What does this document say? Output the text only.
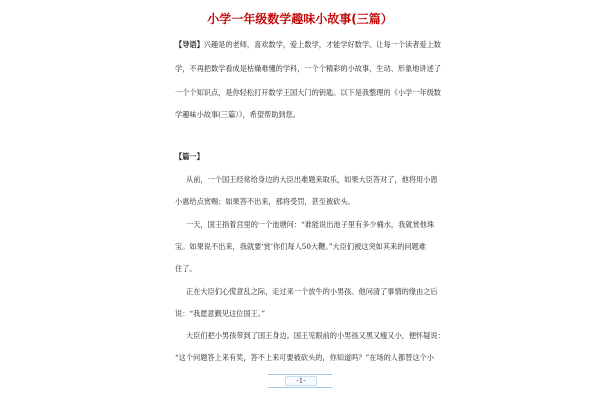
小学一年级数学趣味小故事(三篇）
【导语】兴趣是的老师，喜欢数学，爱上数学，才能学好数学。让每一个读者爱上数
学，不再把数学看成是枯燥难懂的学科，一个个精彩的小故事，生动、形象地讲述了
一个个知识点，是你轻松打开数学王国大门的钥匙。以下是我整理的《小学一年级数
学趣味小故事(三篇）》，希望帮助到您。
【篇一】
从前，一个国王经常给身边的大臣出难题来取乐，如果大臣答对了，他将用小恩
小惠给点赏赐；如果答不出来，那将受罚，甚至被砍头。
一天，国王指着宫里的一个池塘问：“谁能说出池子里有多少桶水，我就赏他珠
宝。如果说不出来，我就要‘赏’你们每人50大鞭。”大臣们被这突如其来的问题难
住了。
正在大臣们心慌意乱之际，走过来一个放牛的小男孩。他问清了事情的缘由之后
说：“我愿意觐见这位国王。”
大臣们把小男孩带到了国王身边。国王见眼前的小男孩又黑又瘦又小，便怀疑说：
“这个问题答上来有奖，答不上来可要被砍头的，你知道吗？”在场的人都替这个小
-1-
